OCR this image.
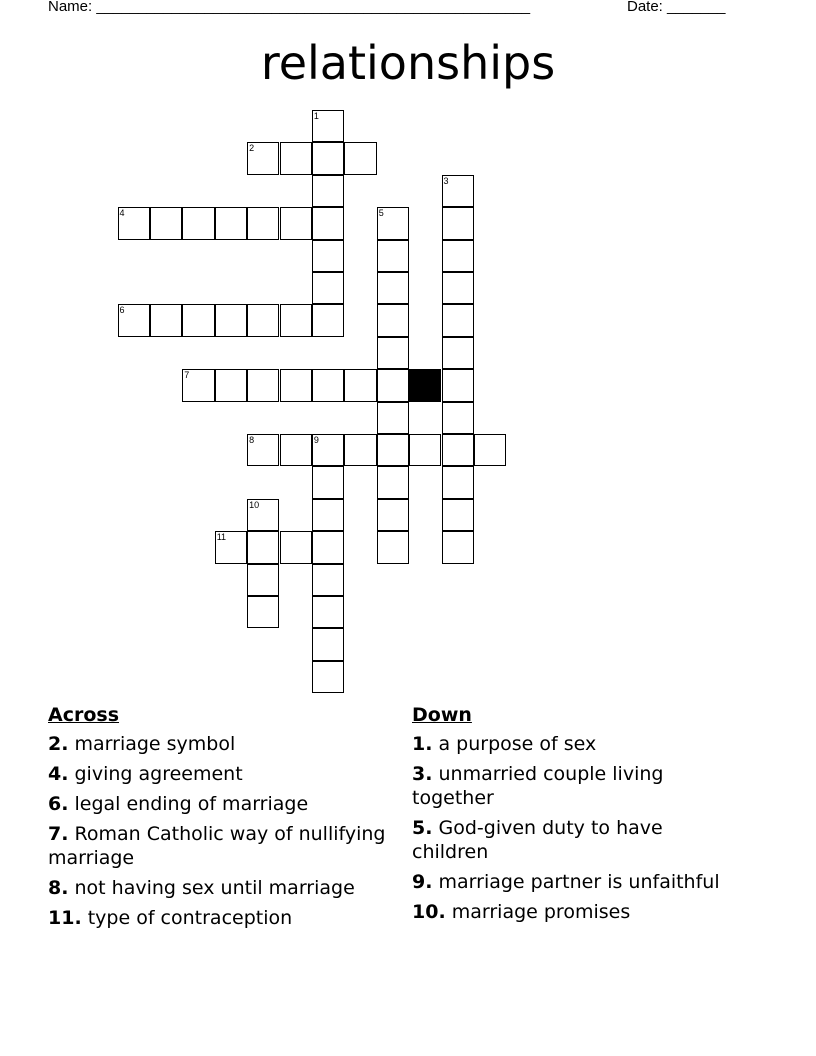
Name: ____________________________________________________	Date: _______
relationships
1
2
3
4	5
6
7
8	9
10
11
Across
2. marriage symbol
4. giving agreement
6. legal ending of marriage
7. Roman Catholic way of nullifying marriage
8. not having sex until marriage
11. type of contraception
Down
1. a purpose of sex
3. unmarried couple living together
5. God-given duty to have children
9. marriage partner is unfaithful
10. marriage promises
